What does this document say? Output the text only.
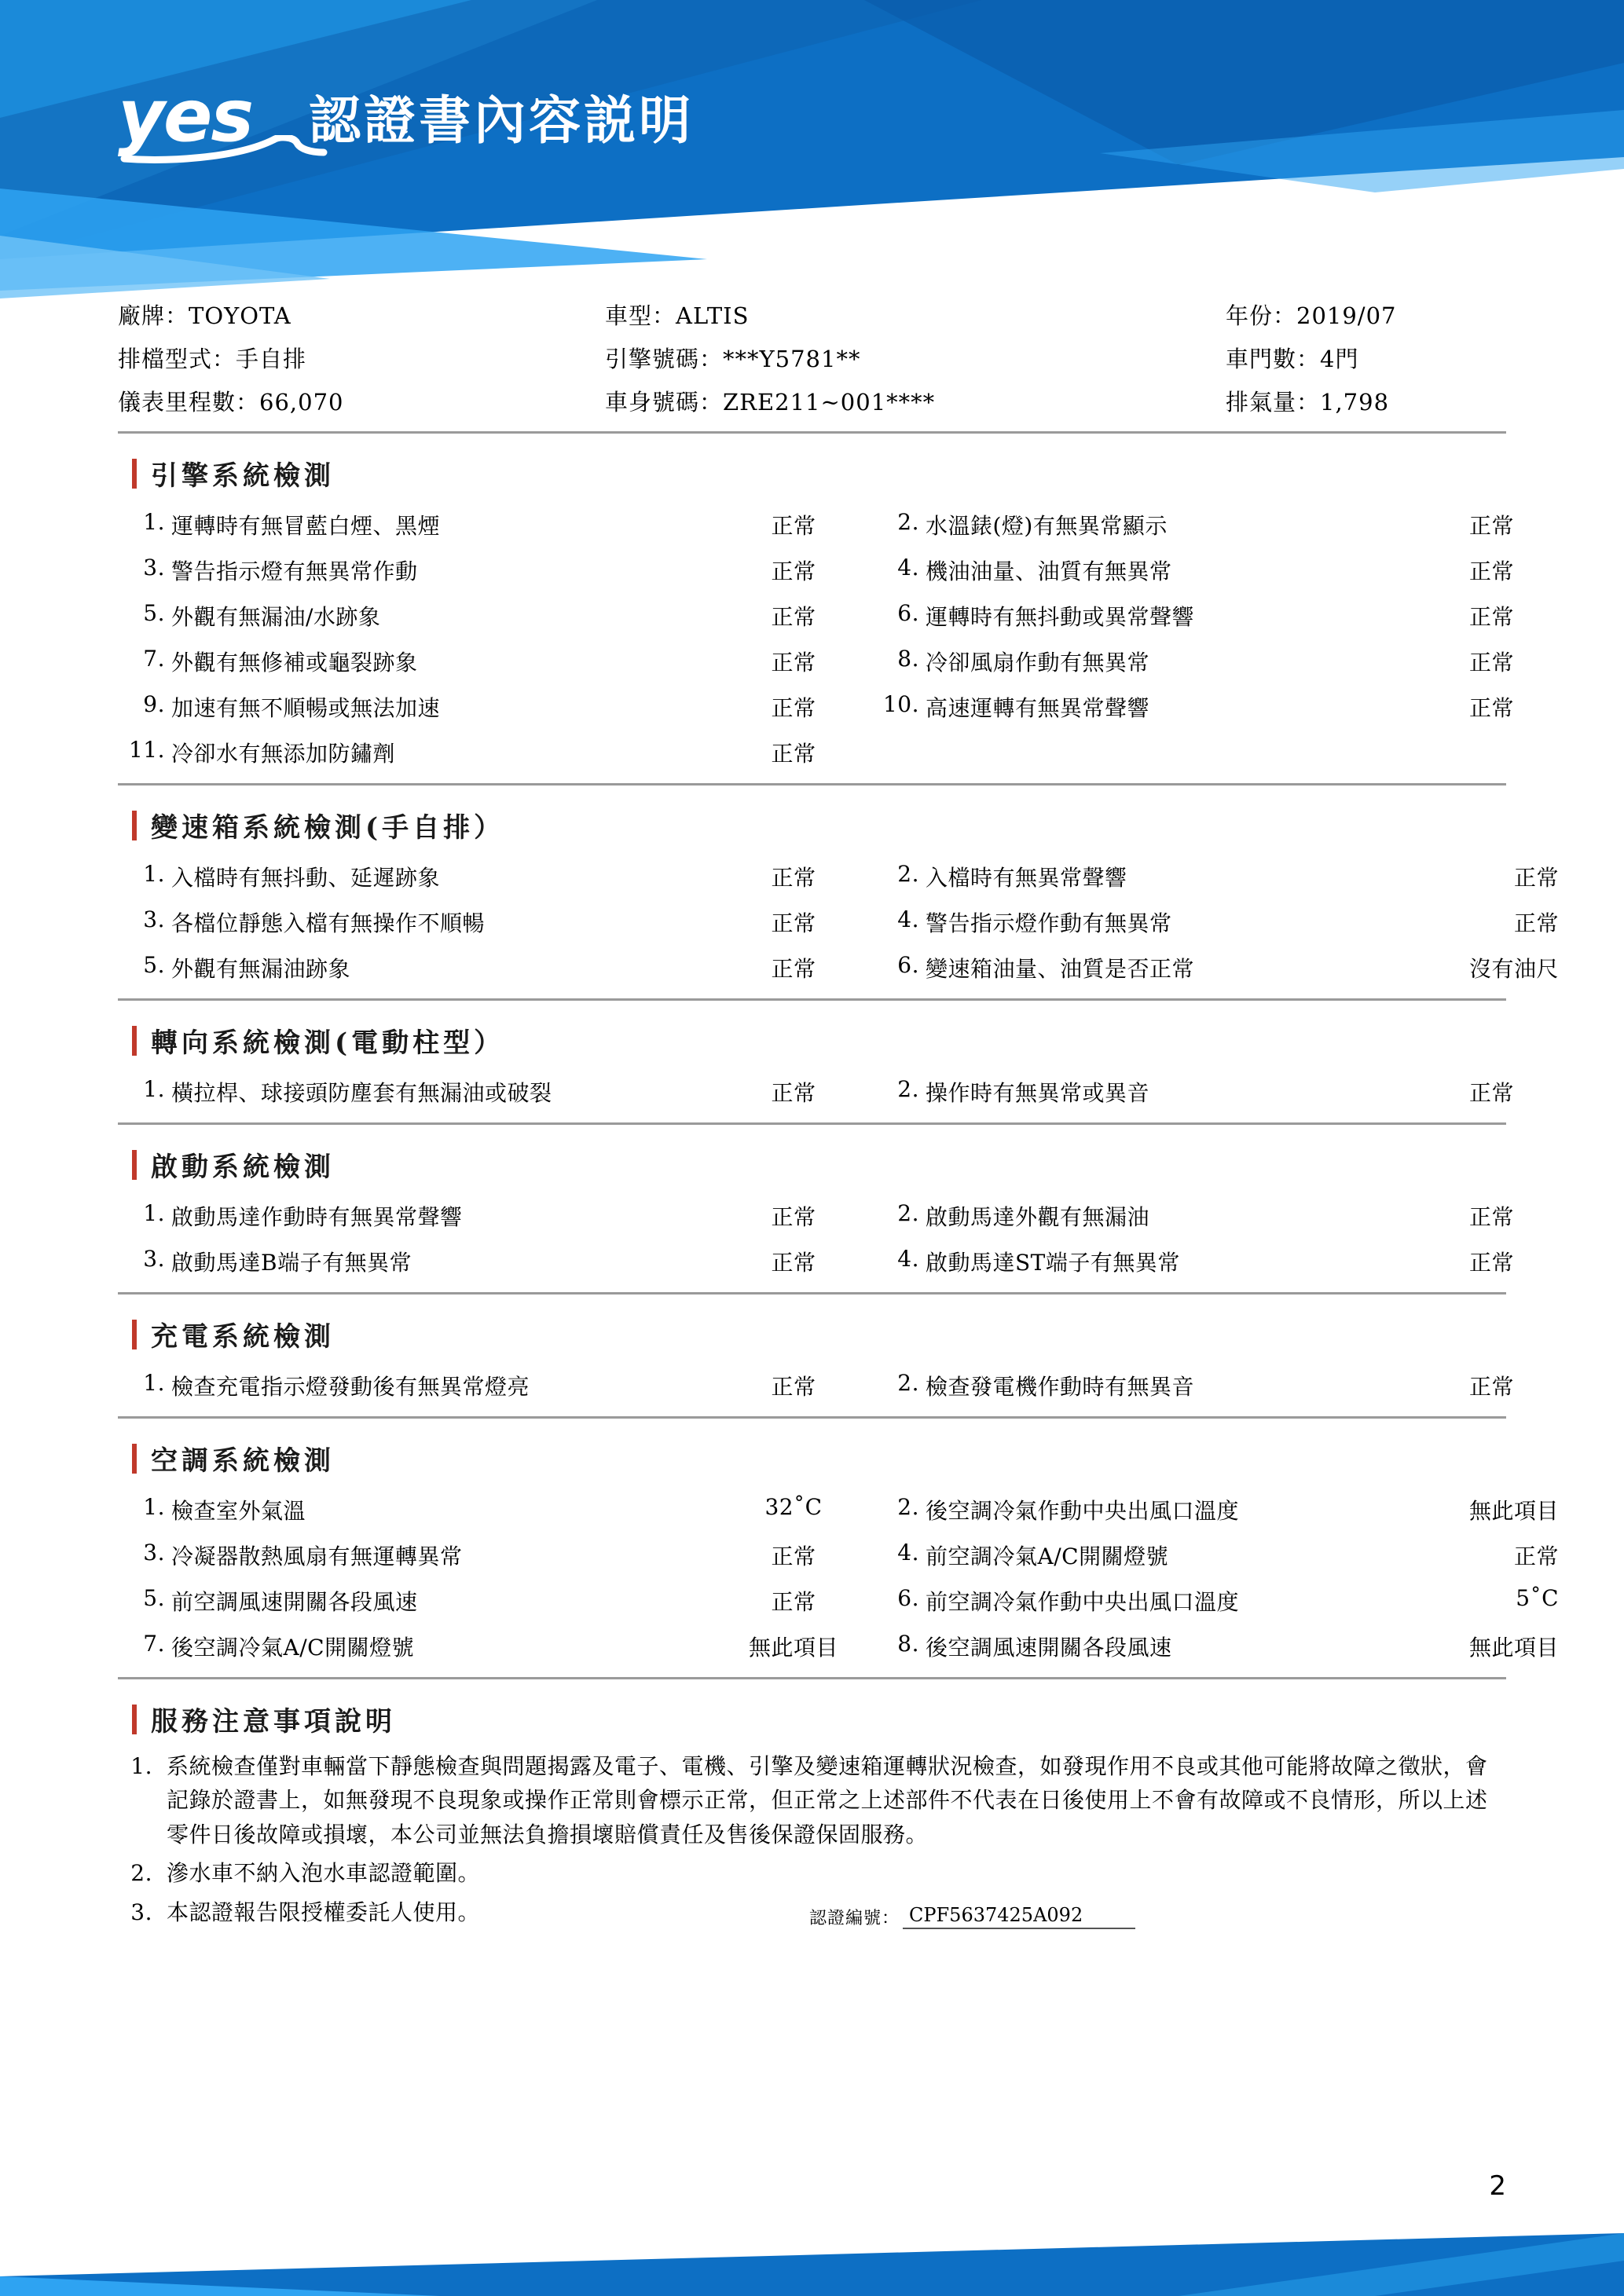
yes 認證書內容説明
廠牌：TOYOTA	車型：ALTIS	年份：2019/07
排檔型式：手自排	引擎號碼：***Y5781**	車門數：4門
儀表里程數：66,070	車身號碼：ZRE211~001****	排氣量：1,798
引擎系統檢測
1. 運轉時有無冒藍白煙、黑煙	正常	2. 水溫錶(燈)有無異常顯示	正常
3. 警告指示燈有無異常作動	正常	4. 機油油量、油質有無異常	正常
5. 外觀有無漏油/水跡象	正常	6. 運轉時有無抖動或異常聲響	正常
7. 外觀有無修補或龜裂跡象	正常	8. 冷卻風扇作動有無異常	正常
9. 加速有無不順暢或無法加速	正常	10. 高速運轉有無異常聲響	正常
11. 冷卻水有無添加防鏽劑	正常
變速箱系統檢測(手自排）
1. 入檔時有無抖動、延遲跡象	正常	2. 入檔時有無異常聲響	正常
3. 各檔位靜態入檔有無操作不順暢	正常	4. 警告指示燈作動有無異常	正常
5. 外觀有無漏油跡象	正常	6. 變速箱油量、油質是否正常	沒有油尺
轉向系統檢測(電動柱型）
1. 橫拉桿、球接頭防塵套有無漏油或破裂	正常	2. 操作時有無異常或異音	正常
啟動系統檢測
1. 啟動馬達作動時有無異常聲響	正常	2. 啟動馬達外觀有無漏油	正常
3. 啟動馬達B端子有無異常	正常	4. 啟動馬達ST端子有無異常	正常
充電系統檢測
1. 檢查充電指示燈發動後有無異常燈亮	正常	2. 檢查發電機作動時有無異音	正常
空調系統檢測
1. 檢查室外氣溫	32˚C	2. 後空調冷氣作動中央出風口溫度	無此項目
3. 冷凝器散熱風扇有無運轉異常	正常	4. 前空調冷氣A/C開關燈號	正常
5. 前空調風速開關各段風速	正常	6. 前空調冷氣作動中央出風口溫度	5˚C
7. 後空調冷氣A/C開關燈號	無此項目	8. 後空調風速開關各段風速	無此項目
服務注意事項說明
1. 系統檢查僅對車輛當下靜態檢查與問題揭露及電子、電機、引擎及變速箱運轉狀況檢查，如發現作用不良或其他可能將故障之徵狀，會記錄於證書上，如無發現不良現象或操作正常則會標示正常，但正常之上述部件不代表在日後使用上不會有故障或不良情形，所以上述零件日後故障或損壞，本公司並無法負擔損壞賠償責任及售後保證保固服務。
2. 滲水車不納入泡水車認證範圍。
3. 本認證報告限授權委託人使用。	認證編號： CPF5637425A092
2
